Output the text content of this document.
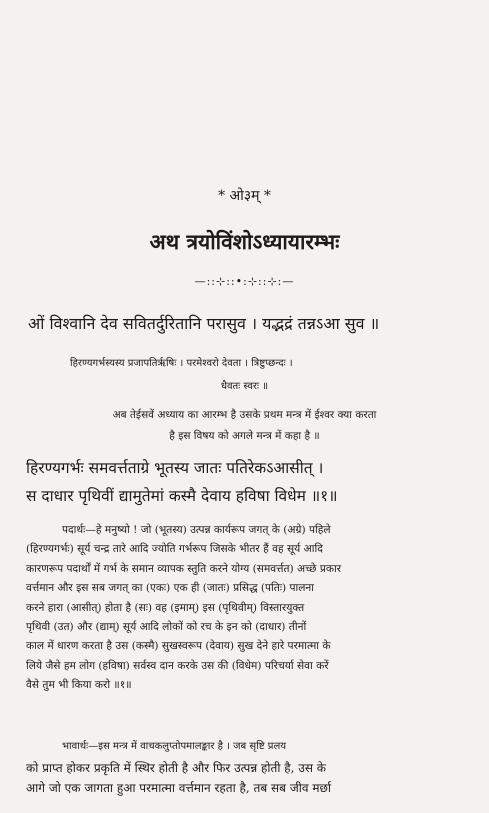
* ओ३म् *
अथ त्रयोविंशोऽध्यायारम्भः
—::⊹::•:⊹::⊹:—
ओं विश्वानि देव सवितर्दुरितानि परासुव । यद्भद्रं तन्नऽआ सुव ॥
हिरण्यगर्भस्यस्य प्रजापतिर्ऋषिः । परमेश्वरो देवता । त्रिष्टुप्छन्दः ।
धैवतः स्वरः ॥
अब तेईसवें अध्याय का आरम्भ है उसके प्रथम मन्त्र में ईश्वर क्या करता
है इस विषय को अगले मन्त्र में कहा है ॥
हिरण्यगर्भः समवर्त्तताग्रे भूतस्य जातः पतिरेकऽआसीत् ।
स दाधार पृथिवीं द्यामुतेमां कस्मै देवाय हविषा विधेम ॥१॥

पदार्थः—हे मनुष्यो ! जो (भूतस्य) उत्पन्न कार्यरूप जगत् के (अग्रे) पहिले

(हिरण्यगर्भः) सूर्य चन्द्र तारे आदि ज्योति गर्भरूप जिसके भीतर हैं वह सूर्य आदि

कारणरूप पदार्थों में गर्भ के समान व्यापक स्तुति करने योग्य (समवर्त्तत) अच्छे प्रकार

वर्त्तमान और इस सब जगत् का (एकः) एक ही (जातः) प्रसिद्ध (पतिः) पालना

करने हारा (आसीत्) होता है (सः) वह (इमाम्) इस (पृथिवीम्) विस्तारयुक्त

पृथिवी (उत) और (द्याम्) सूर्य आदि लोकों को रच के इन को (दाधार) तीनों

काल में धारण करता है उस (कस्मै) सुखस्वरूप (देवाय) सुख देने हारे परमात्मा के

लिये जैसे हम लोग (हविषा) सर्वस्व दान करके उस की (विधेम) परिचर्या सेवा करें

वैसे तुम भी किया करो ॥१॥

भावार्थः—इस मन्त्र में वाचकलुप्तोपमालङ्कार है । जब सृष्टि प्रलय

को प्राप्त होकर प्रकृति में स्थिर होती है और फिर उत्पन्न होती है, उस के

आगे जो एक जागता हुआ परमात्मा वर्त्तमान रहता है, तब सब जीव मर्छा
